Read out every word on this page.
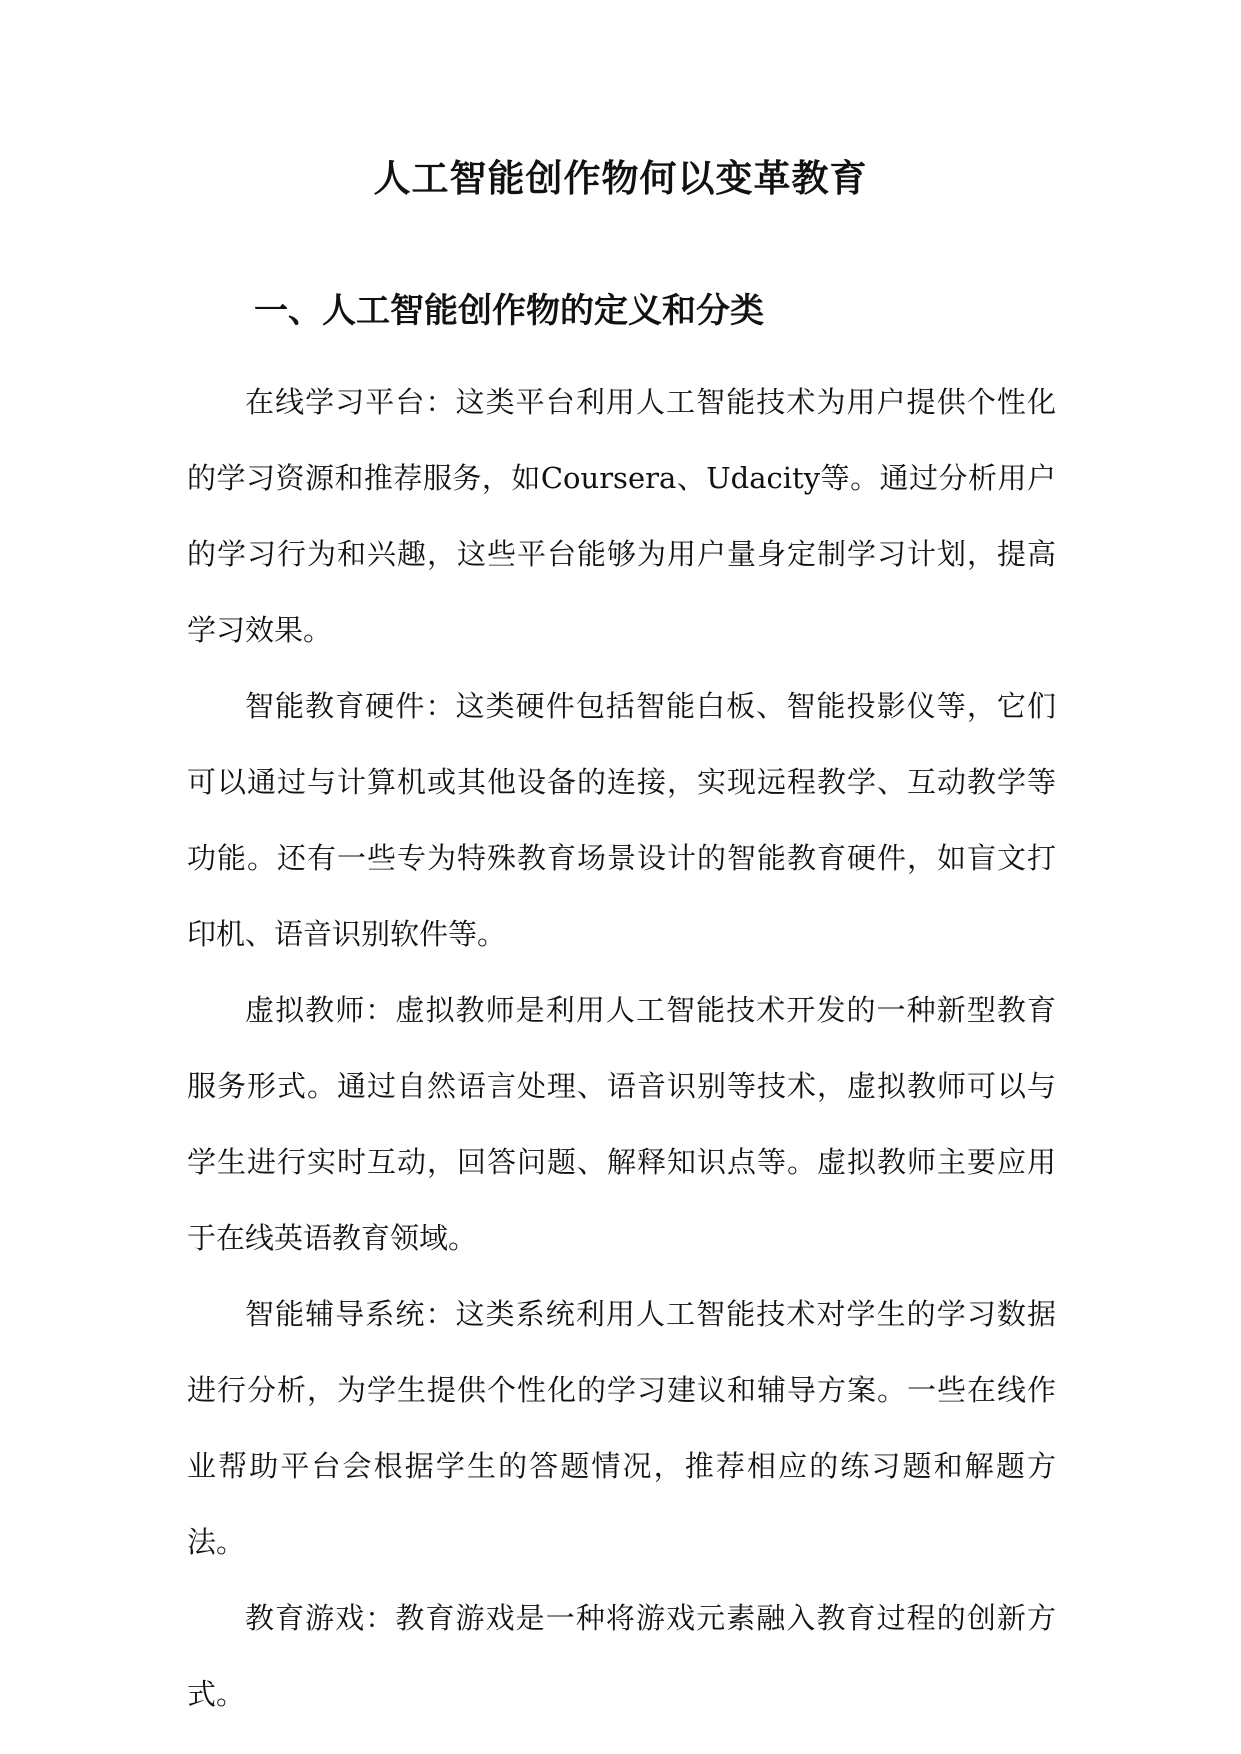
人工智能创作物何以变革教育
一、人工智能创作物的定义和分类

在线学习平台：这类平台利用人工智能技术为用户提供个性化的学习资源和推荐服务，如Coursera、Udacity等。通过分析用户的学习行为和兴趣，这些平台能够为用户量身定制学习计划，提高学习效果。

智能教育硬件：这类硬件包括智能白板、智能投影仪等，它们可以通过与计算机或其他设备的连接，实现远程教学、互动教学等功能。还有一些专为特殊教育场景设计的智能教育硬件，如盲文打印机、语音识别软件等。

虚拟教师：虚拟教师是利用人工智能技术开发的一种新型教育服务形式。通过自然语言处理、语音识别等技术，虚拟教师可以与学生进行实时互动，回答问题、解释知识点等。虚拟教师主要应用于在线英语教育领域。

智能辅导系统：这类系统利用人工智能技术对学生的学习数据进行分析，为学生提供个性化的学习建议和辅导方案。一些在线作业帮助平台会根据学生的答题情况，推荐相应的练习题和解题方法。

教育游戏：教育游戏是一种将游戏元素融入教育过程的创新方式。
